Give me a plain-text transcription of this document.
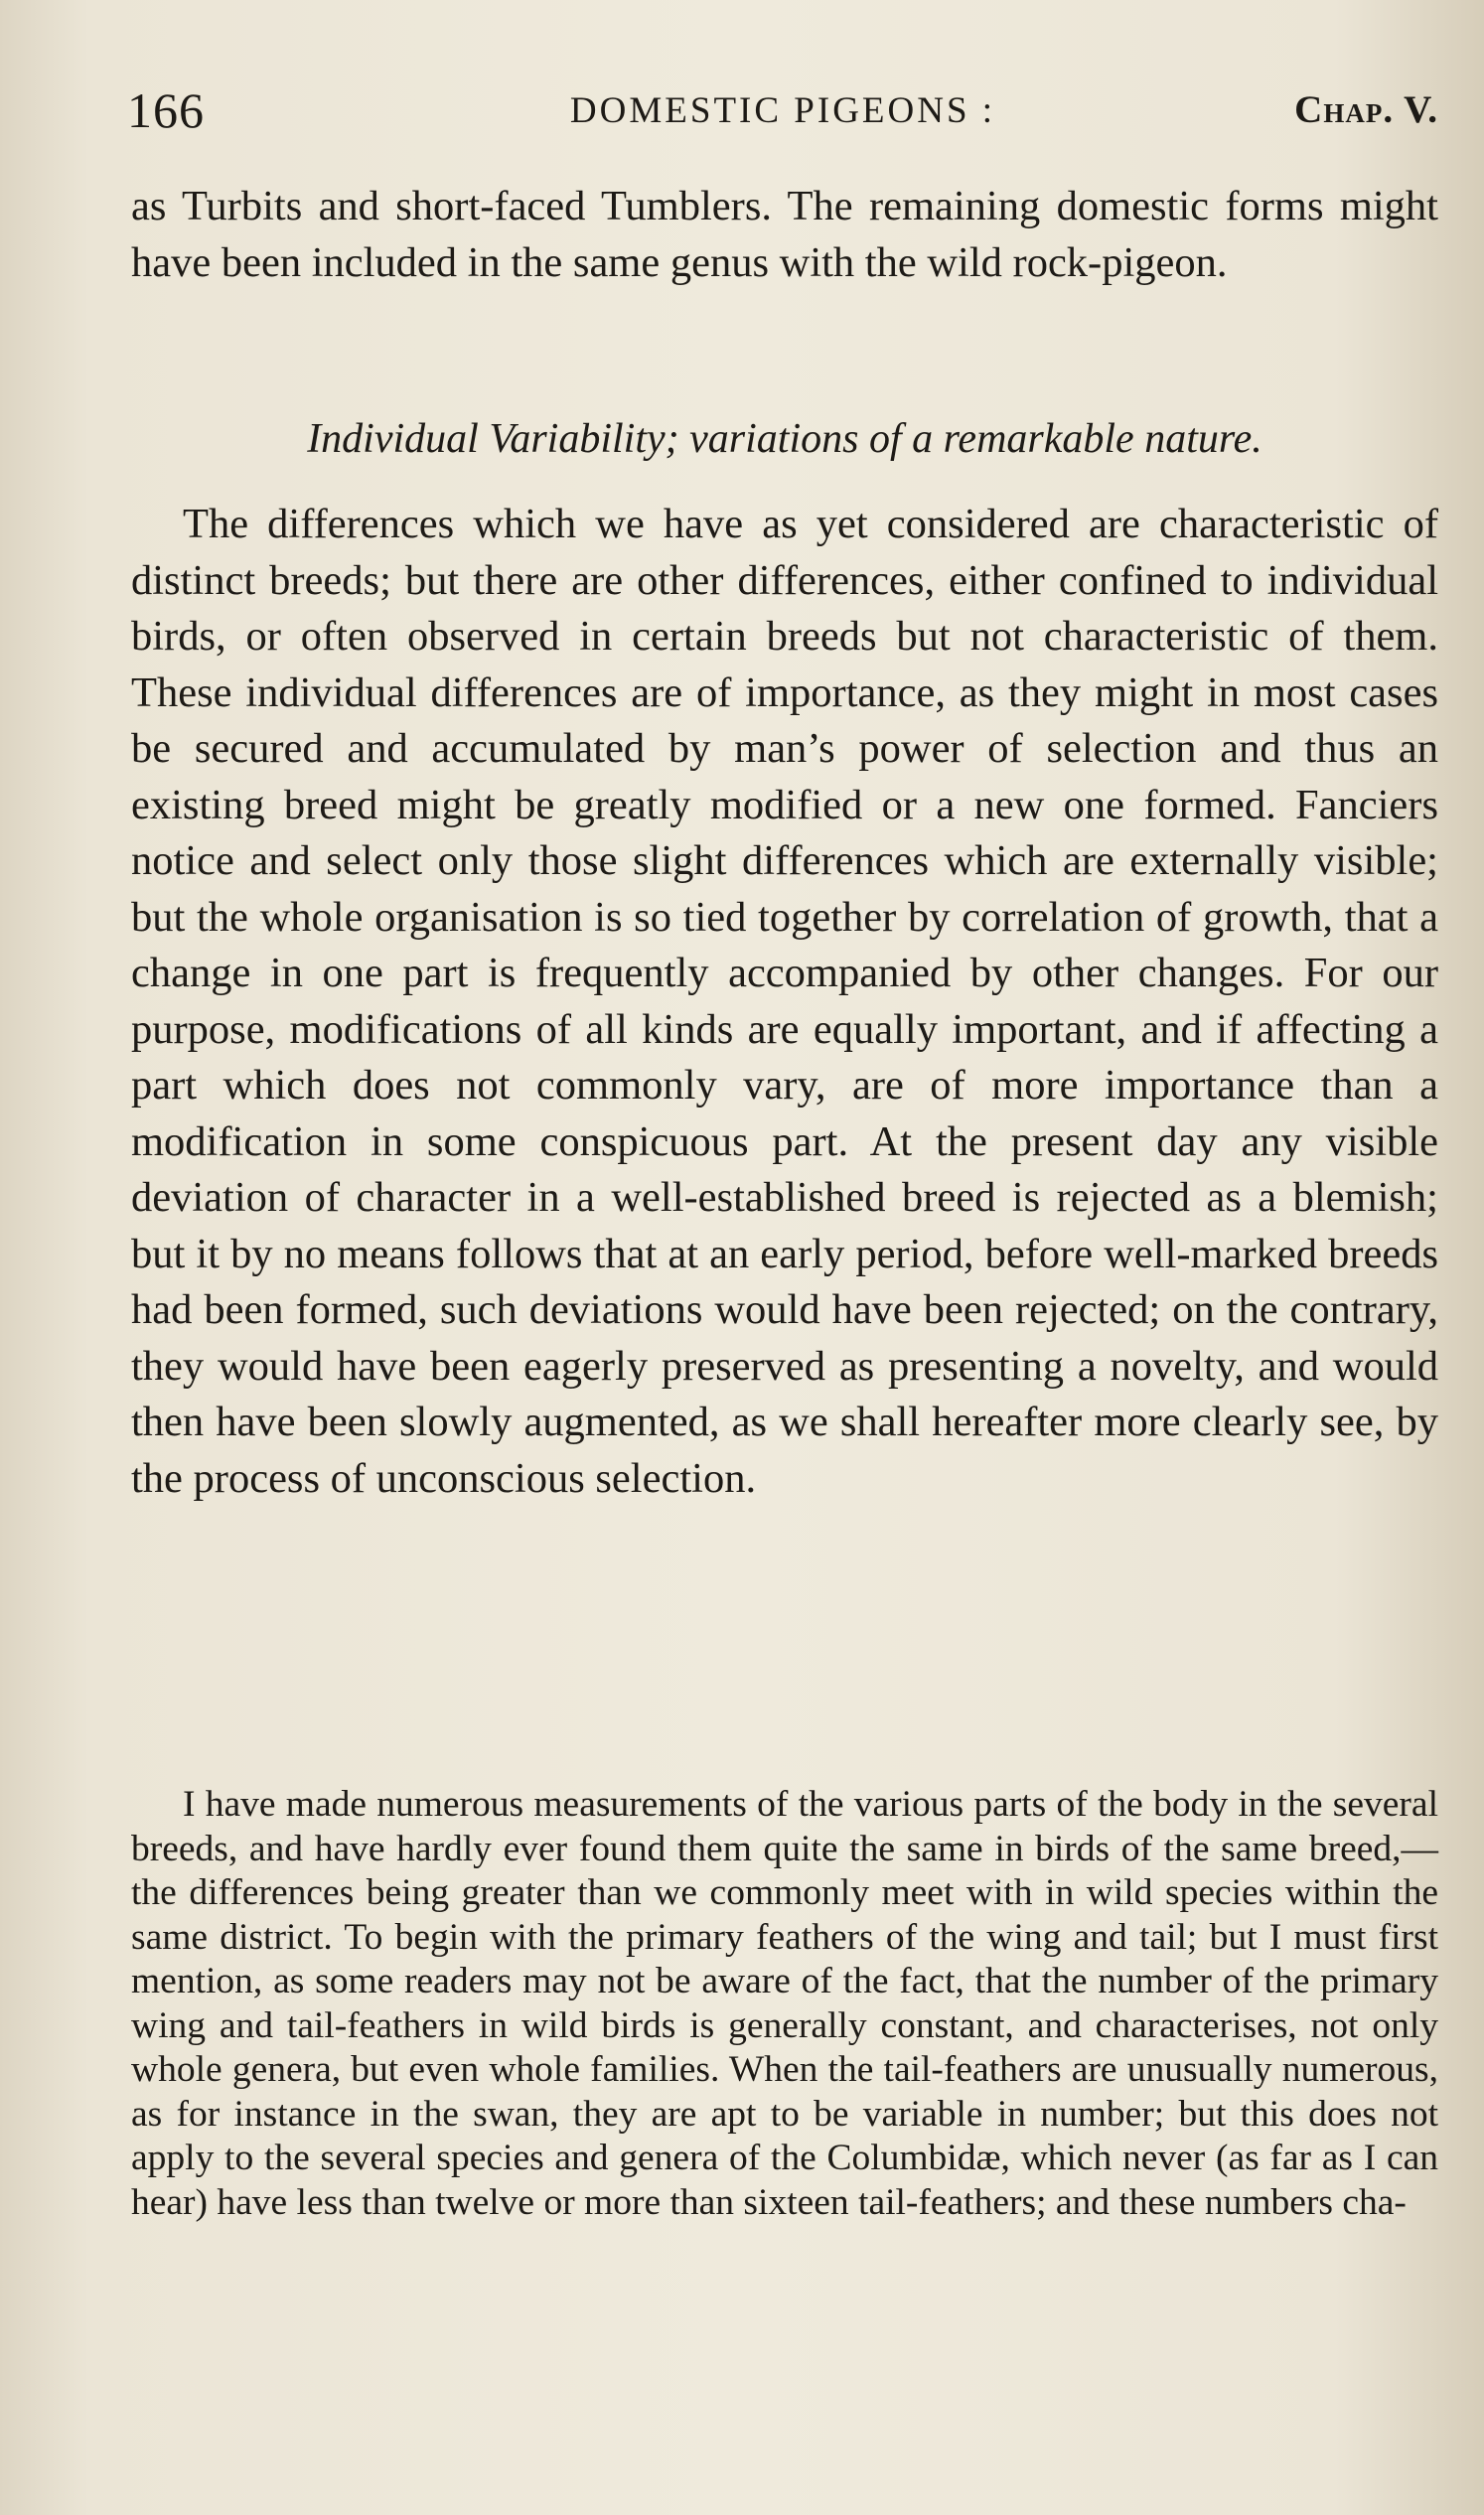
166	DOMESTIC PIGEONS :	Chap. V.

as Turbits and short-faced Tumblers. The remaining domestic forms might have been included in the same genus with the wild rock-pigeon.

Individual Variability; variations of a remarkable nature.

The differences which we have as yet considered are characteristic of distinct breeds; but there are other differences, either confined to individual birds, or often observed in certain breeds but not characteristic of them. These individual differences are of importance, as they might in most cases be secured and accumulated by man’s power of selection and thus an existing breed might be greatly modified or a new one formed. Fanciers notice and select only those slight differences which are externally visible; but the whole organisation is so tied together by correlation of growth, that a change in one part is frequently accompanied by other changes. For our purpose, modifications of all kinds are equally important, and if affecting a part which does not commonly vary, are of more importance than a modification in some conspicuous part. At the present day any visible deviation of character in a well-established breed is rejected as a blemish; but it by no means follows that at an early period, before well-marked breeds had been formed, such deviations would have been rejected; on the contrary, they would have been eagerly preserved as presenting a novelty, and would then have been slowly augmented, as we shall hereafter more clearly see, by the process of unconscious selection.

I have made numerous measurements of the various parts of the body in the several breeds, and have hardly ever found them quite the same in birds of the same breed,—the differences being greater than we commonly meet with in wild species within the same district. To begin with the primary feathers of the wing and tail; but I must first mention, as some readers may not be aware of the fact, that the number of the primary wing and tail-feathers in wild birds is generally constant, and characterises, not only whole genera, but even whole families. When the tail-feathers are unusually numerous, as for instance in the swan, they are apt to be variable in number; but this does not apply to the several species and genera of the Columbidæ, which never (as far as I can hear) have less than twelve or more than sixteen tail-feathers; and these numbers cha-
